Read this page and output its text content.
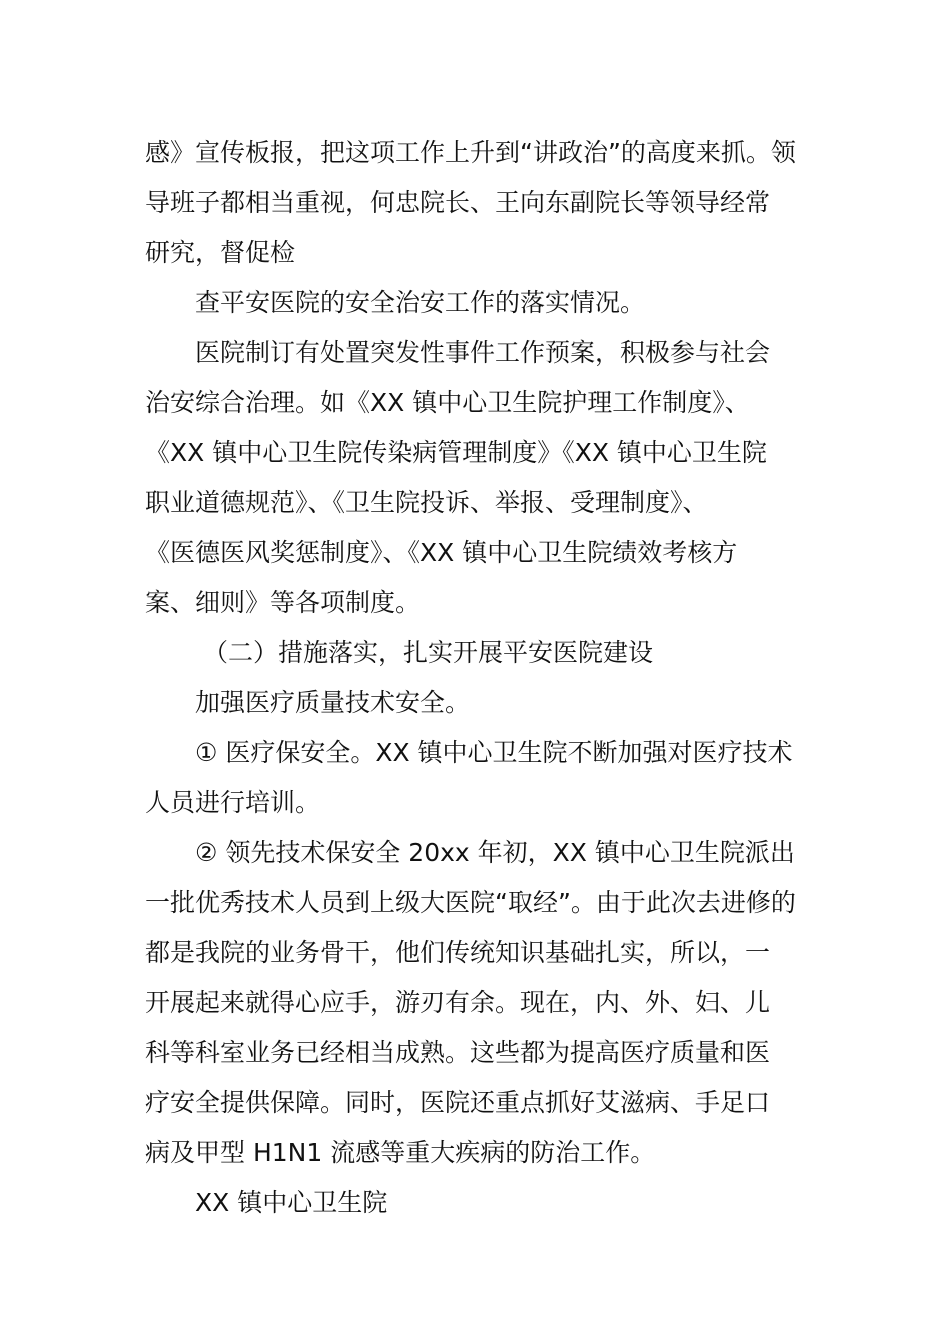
感》宣传板报，把这项工作上升到“讲政治”的高度来抓。领
导班子都相当重视，何忠院长、王向东副院长等领导经常
研究，督促检
查平安医院的安全治安工作的落实情况。
医院制订有处置突发性事件工作预案，积极参与社会
治安综合治理。如《XX 镇中心卫生院护理工作制度》、
《XX 镇中心卫生院传染病管理制度》《XX 镇中心卫生院
职业道德规范》、《卫生院投诉、举报、受理制度》、
《医德医风奖惩制度》、《XX 镇中心卫生院绩效考核方
案、细则》等各项制度。
（二）措施落实，扎实开展平安医院建设
加强医疗质量技术安全。
① 医疗保安全。XX 镇中心卫生院不断加强对医疗技术
人员进行培训。
② 领先技术保安全 20xx 年初，XX 镇中心卫生院派出
一批优秀技术人员到上级大医院“取经”。由于此次去进修的
都是我院的业务骨干，他们传统知识基础扎实，所以，一
开展起来就得心应手，游刃有余。现在，内、外、妇、儿
科等科室业务已经相当成熟。这些都为提高医疗质量和医
疗安全提供保障。同时，医院还重点抓好艾滋病、手足口
病及甲型 H1N1 流感等重大疾病的防治工作。
XX 镇中心卫生院
